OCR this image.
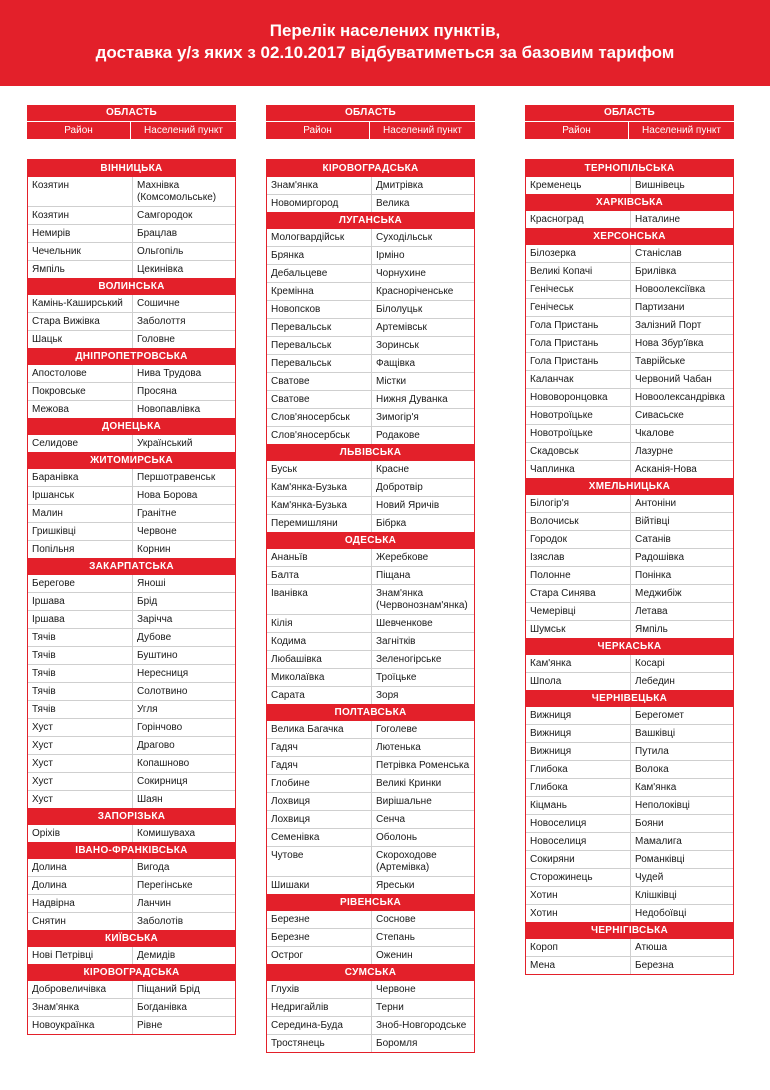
Перелік населених пунктів,
доставка у/з яких з 02.10.2017 відбуватиметься за базовим тарифом
ОБЛАСТЬ
Район	Населений пункт
ВІННИЦЬКА
Козятин	Махнівка (Комсомольське)
Козятин	Самгородок
Немирів	Брацлав
Чечельник	Ольгопіль
Ямпіль	Цекинівка
ВОЛИНСЬКА
Камінь-Каширський	Сошичне
Стара Вижівка	Заболоття
Шацьк	Головне
ДНІПРОПЕТРОВСЬКА
Апостолове	Нива Трудова
Покровське	Просяна
Межова	Новопавлівка
ДОНЕЦЬКА
Селидове	Український
ЖИТОМИРСЬКА
Баранівка	Першотравенськ
Іршанськ	Нова Борова
Малин	Гранітне
Гришківці	Червоне
Попільня	Корнин
ЗАКАРПАТСЬКА
Берегове	Яноші
Іршава	Брід
Іршава	Зарічча
Тячів	Дубове
Тячів	Буштино
Тячів	Нересниця
Тячів	Солотвино
Тячів	Угля
Хуст	Горінчово
Хуст	Драгово
Хуст	Копашново
Хуст	Сокирниця
Хуст	Шаян
ЗАПОРІЗЬКА
Оріхів	Комишуваха
ІВАНО-ФРАНКІВСЬКА
Долина	Вигода
Долина	Перегінське
Надвірна	Ланчин
Снятин	Заболотів
КИЇВСЬКА
Нові Петрівці	Демидів
КІРОВОГРАДСЬКА
Добровеличівка	Піщаний Брід
Знам'янка	Богданівка
Новоукраїнка	Рівне
ОБЛАСТЬ
Район	Населений пункт
КІРОВОГРАДСЬКА
Знам'янка	Дмитрівка
Новомиргород	Велика
ЛУГАНСЬКА
Мологвардійськ	Суходільськ
Брянка	Ірміно
Дебальцеве	Чорнухине
Кремінна	Красноріченське
Новопсков	Білолуцьк
Перевальськ	Артемівськ
Перевальськ	Зоринськ
Перевальськ	Фащівка
Сватове	Містки
Сватове	Нижня Дуванка
Слов'яносербськ	Зимогір'я
Слов'яносербськ	Родакове
ЛЬВІВСЬКА
Буськ	Красне
Кам'янка-Бузька	Добротвір
Кам'янка-Бузька	Новий Яричів
Перемишляни	Бібрка
ОДЕСЬКА
Ананьїв	Жеребкове
Балта	Піщана
Іванівка	Знам'янка (Червонознам'янка)
Кілія	Шевченкове
Кодима	Загнітків
Любашівка	Зеленогірське
Миколаївка	Троїцьке
Сарата	Зоря
ПОЛТАВСЬКА
Велика Багачка	Гоголеве
Гадяч	Лютенька
Гадяч	Петрівка Роменська
Глобине	Великі Кринки
Лохвиця	Вирішальне
Лохвиця	Сенча
Семенівка	Оболонь
Чутове	Скороходове (Артемівка)
Шишаки	Яреськи
РІВЕНСЬКА
Березне	Соснове
Березне	Степань
Острог	Оженин
СУМСЬКА
Глухів	Червоне
Недригайлів	Терни
Середина-Буда	Зноб-Новгородське
Тростянець	Боромля
ОБЛАСТЬ
Район	Населений пункт
ТЕРНОПІЛЬСЬКА
Кременець	Вишнівець
ХАРКІВСЬКА
Красноград	Наталине
ХЕРСОНСЬКА
Білозерка	Станіслав
Великі Копачі	Брилівка
Генічеськ	Новоолексіївка
Генічеськ	Партизани
Гола Пристань	Залізний Порт
Гола Пристань	Нова Збур'ївка
Гола Пристань	Таврійське
Каланчак	Червоний Чабан
Нововоронцовка	Новоолександрівка
Новотроїцьке	Сивасьске
Новотроїцьке	Чкалове
Скадовськ	Лазурне
Чаплинка	Асканія-Нова
ХМЕЛЬНИЦЬКА
Білогір'я	Антоніни
Волочиськ	Війтівці
Городок	Сатанів
Ізяслав	Радошівка
Полонне	Понінка
Стара Синява	Меджибіж
Чемерівці	Летава
Шумськ	Ямпіль
ЧЕРКАСЬКА
Кам'янка	Косарі
Шпола	Лебедин
ЧЕРНІВЕЦЬКА
Вижниця	Берегомет
Вижниця	Вашківці
Вижниця	Путила
Глибока	Волока
Глибока	Кам'янка
Кіцмань	Неполоківці
Новоселиця	Бояни
Новоселиця	Мамалига
Сокиряни	Романківці
Сторожинець	Чудей
Хотин	Клішківці
Хотин	Недобоївці
ЧЕРНІГІВСЬКА
Короп	Атюша
Мена	Березна
